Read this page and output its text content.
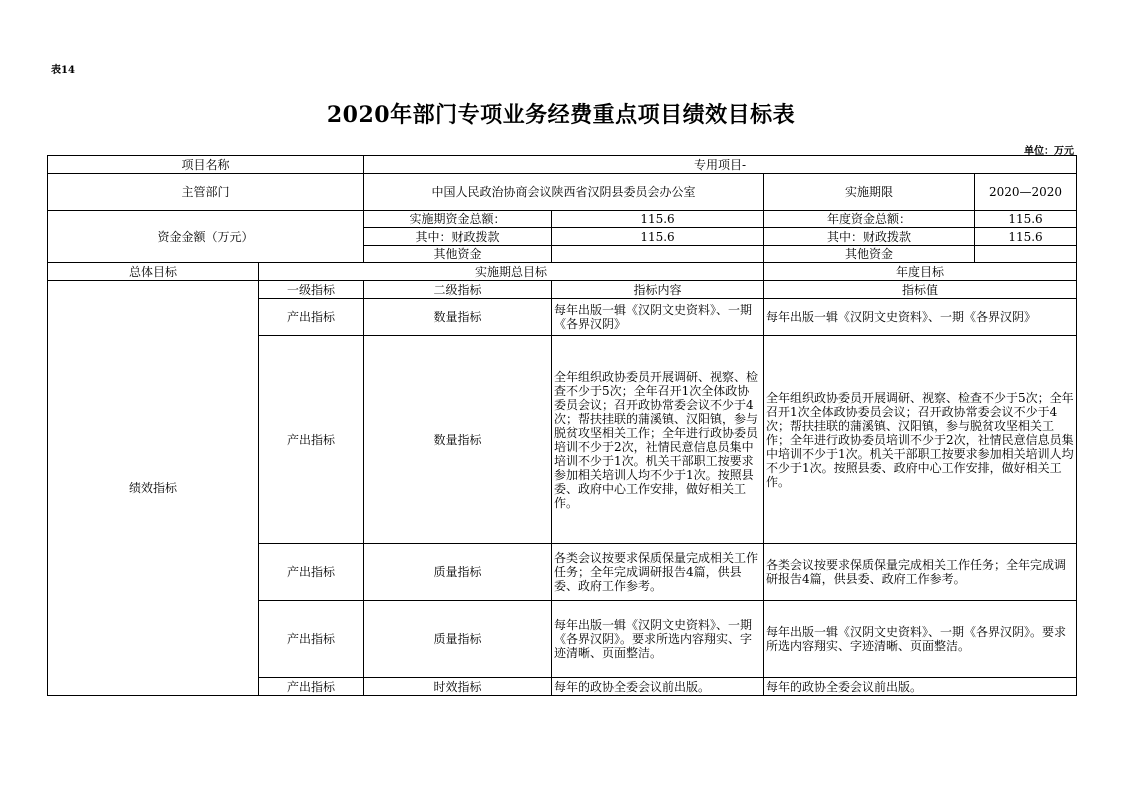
表14
2020年部门专项业务经费重点项目绩效目标表
单位：万元
项目名称		专用项目-			
主管部门		中国人民政治协商会议陕西省汉阴县委员会办公室		实施期限	2020—2020
资金金额（万元）		实施期资金总额：	115.6	年度资金总额：	115.6
		其中：财政拨款	115.6	其中：财政拨款	115.6
		其他资金		其他资金	
总体目标	实施期总目标			年度目标	
绩效指标	一级指标	二级指标	指标内容	指标值	
	产出指标	数量指标	每年出版一辑《汉阴文史资料》、一期《各界汉阴》	每年出版一辑《汉阴文史资料》、一期《各界汉阴》	
	产出指标	数量指标	全年组织政协委员开展调研、视察、检查不少于5次；全年召开1次全体政协委员会议；召开政协常委会议不少于4次；帮扶挂联的蒲溪镇、汉阳镇，参与脱贫攻坚相关工作；全年进行政协委员培训不少于2次，社情民意信息员集中培训不少于1次。机关干部职工按要求参加相关培训人均不少于1次。按照县委、政府中心工作安排，做好相关工作。	全年组织政协委员开展调研、视察、检查不少于5次；全年召开1次全体政协委员会议；召开政协常委会议不少于4次；帮扶挂联的蒲溪镇、汉阳镇，参与脱贫攻坚相关工作；全年进行政协委员培训不少于2次，社情民意信息员集中培训不少于1次。机关干部职工按要求参加相关培训人均不少于1次。按照县委、政府中心工作安排，做好相关工作。	
	产出指标	质量指标	各类会议按要求保质保量完成相关工作任务；全年完成调研报告4篇，供县委、政府工作参考。	各类会议按要求保质保量完成相关工作任务；全年完成调研报告4篇，供县委、政府工作参考。	
	产出指标	质量指标	每年出版一辑《汉阴文史资料》、一期《各界汉阴》。要求所选内容翔实、字迹清晰、页面整洁。	每年出版一辑《汉阴文史资料》、一期《各界汉阴》。要求所选内容翔实、字迹清晰、页面整洁。	
	产出指标	时效指标	每年的政协全委会议前出版。	每年的政协全委会议前出版。	
